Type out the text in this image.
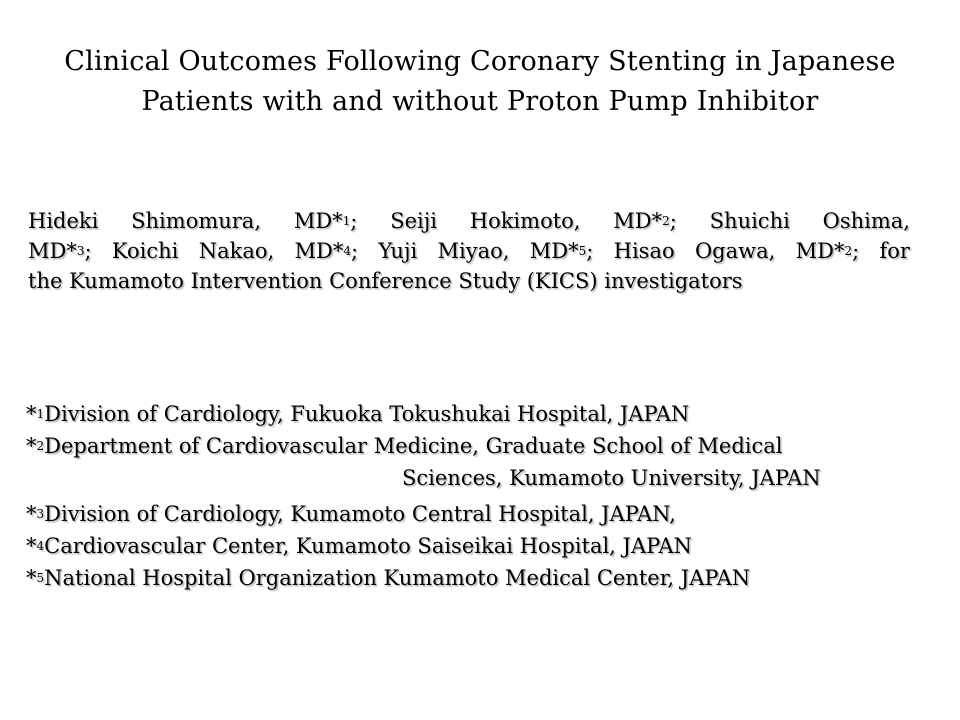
Clinical Outcomes Following Coronary Stenting in Japanese
Patients with and without Proton Pump Inhibitor
Hideki Shimomura, MD*$^1$; Seiji Hokimoto, MD*$^2$; Shuichi Oshima,
MD*$^3$; Koichi Nakao, MD*$^4$; Yuji Miyao, MD*$^5$; Hisao Ogawa, MD*$^2$; for
the Kumamoto Intervention Conference Study (KICS) investigators
*$^1$Division of Cardiology, Fukuoka Tokushukai Hospital, JAPAN
*$^2$Department of Cardiovascular Medicine, Graduate School of Medical
Sciences, Kumamoto University, JAPAN
*$^3$Division of Cardiology, Kumamoto Central Hospital, JAPAN,
*$^4$Cardiovascular Center, Kumamoto Saiseikai Hospital, JAPAN
*$^5$National Hospital Organization Kumamoto Medical Center, JAPAN
